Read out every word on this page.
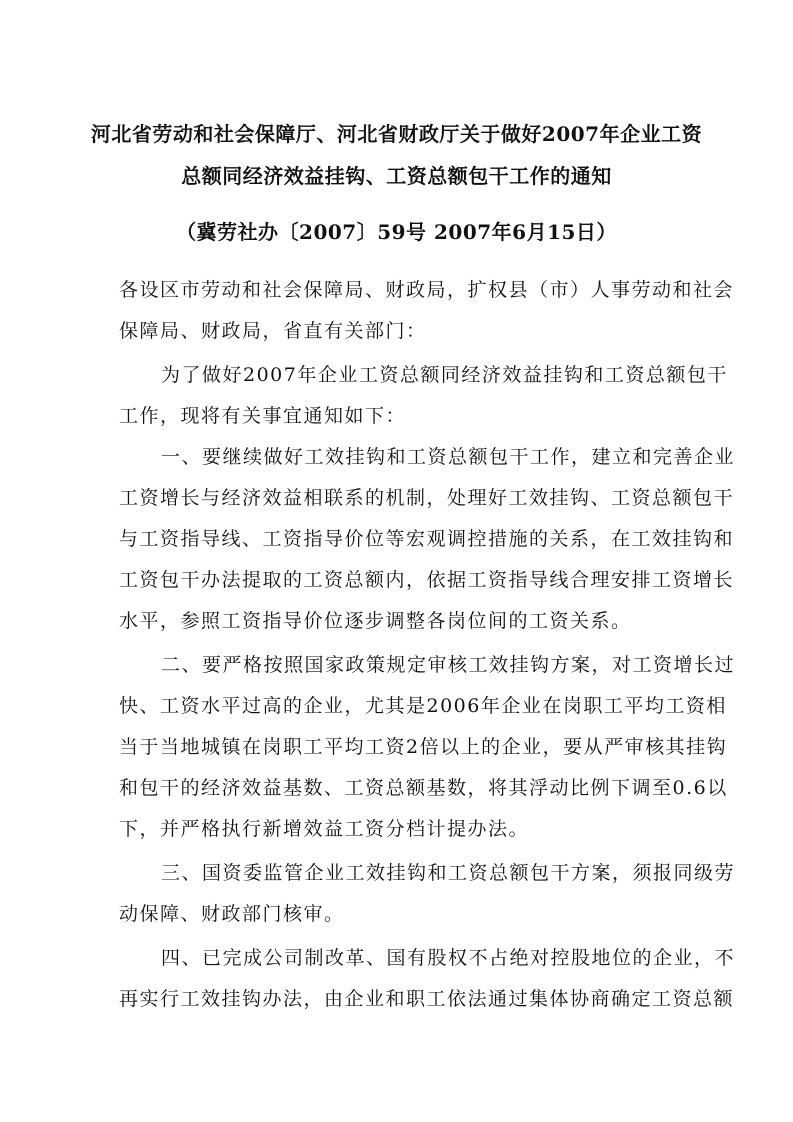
河北省劳动和社会保障厅、河北省财政厅关于做好2007年企业工资
总额同经济效益挂钩、工资总额包干工作的通知
（冀劳社办〔2007〕59号 2007年6月15日）
各设区市劳动和社会保障局、财政局，扩权县（市）人事劳动和社会
保障局、财政局，省直有关部门：
为了做好2007年企业工资总额同经济效益挂钩和工资总额包干
工作，现将有关事宜通知如下：
一、要继续做好工效挂钩和工资总额包干工作，建立和完善企业
工资增长与经济效益相联系的机制，处理好工效挂钩、工资总额包干
与工资指导线、工资指导价位等宏观调控措施的关系，在工效挂钩和
工资包干办法提取的工资总额内，依据工资指导线合理安排工资增长
水平，参照工资指导价位逐步调整各岗位间的工资关系。
二、要严格按照国家政策规定审核工效挂钩方案，对工资增长过
快、工资水平过高的企业，尤其是2006年企业在岗职工平均工资相
当于当地城镇在岗职工平均工资2倍以上的企业，要从严审核其挂钩
和包干的经济效益基数、工资总额基数，将其浮动比例下调至0.6以
下，并严格执行新增效益工资分档计提办法。
三、国资委监管企业工效挂钩和工资总额包干方案，须报同级劳
动保障、财政部门核审。
四、已完成公司制改革、国有股权不占绝对控股地位的企业，不
再实行工效挂钩办法，由企业和职工依法通过集体协商确定工资总额
